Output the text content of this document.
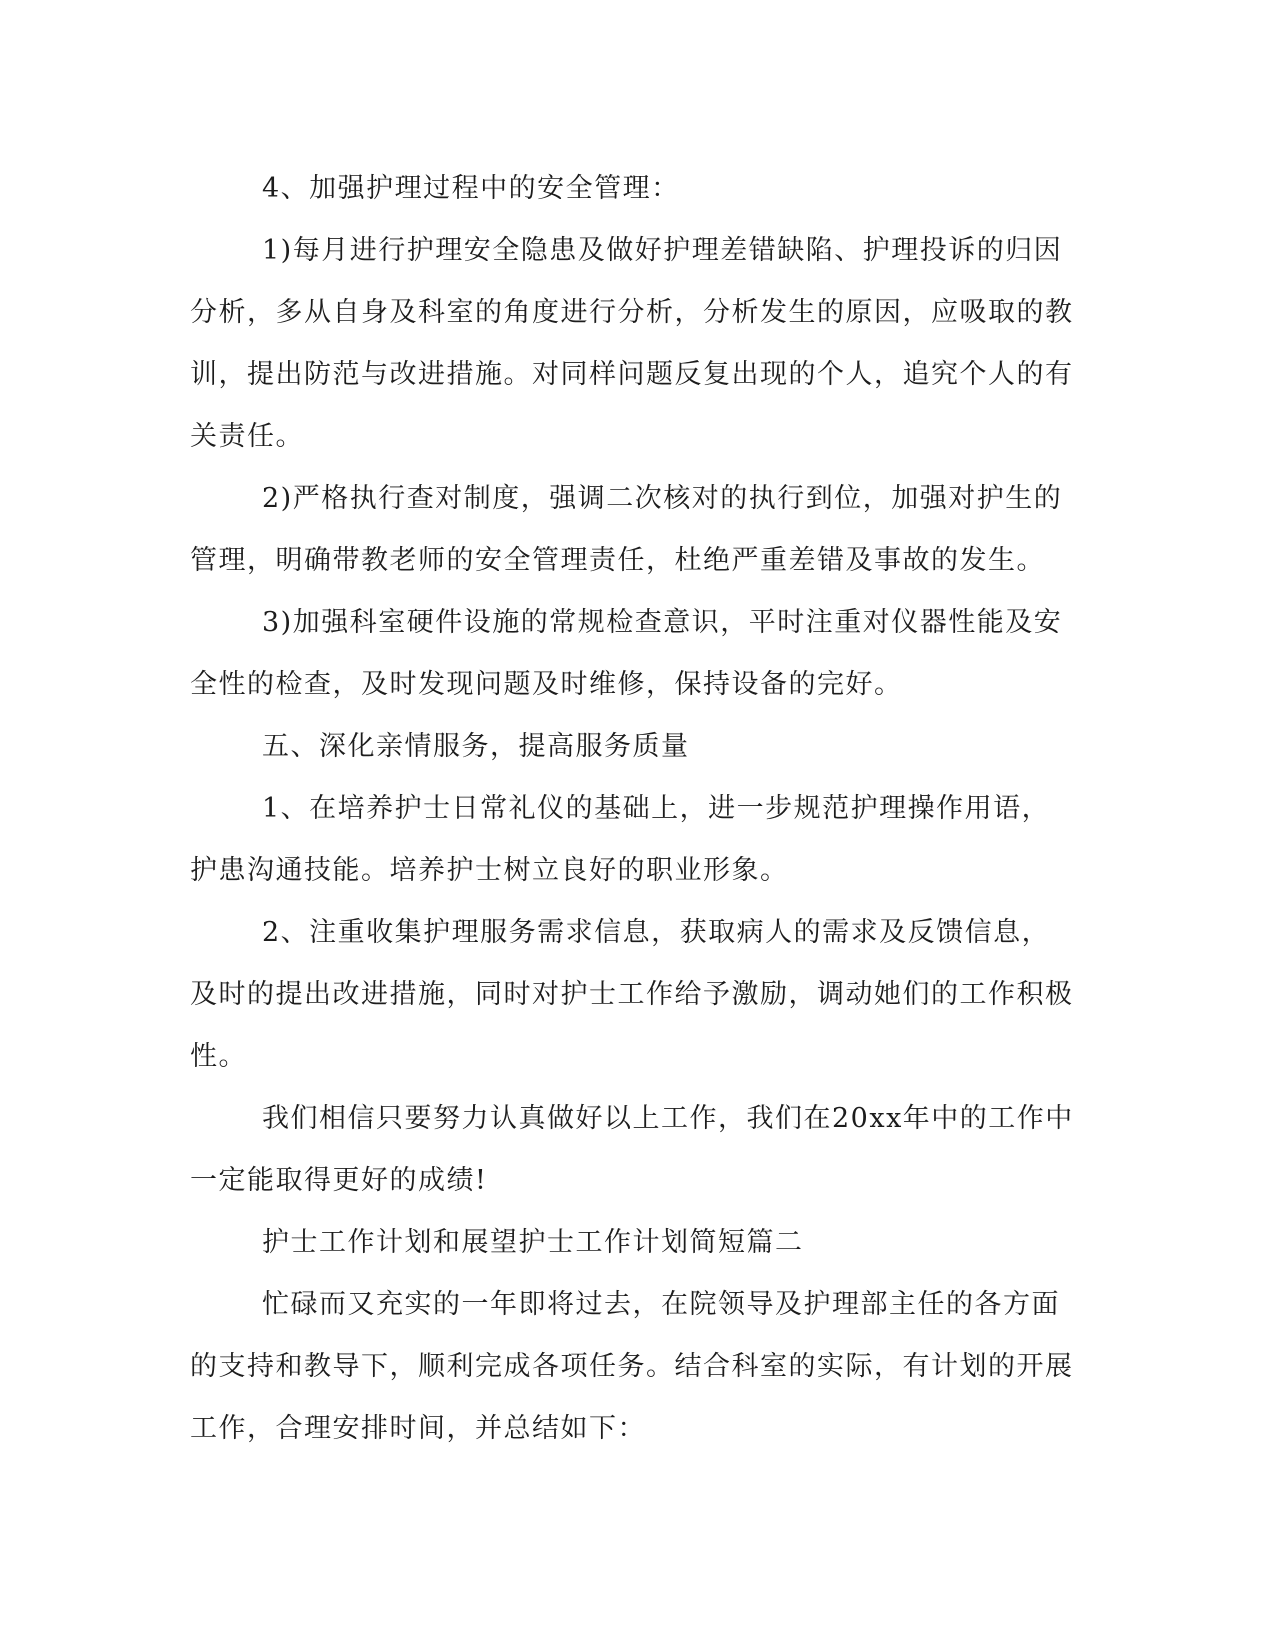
4、加强护理过程中的安全管理：

1)每月进行护理安全隐患及做好护理差错缺陷、护理投诉的归因分析，多从自身及科室的角度进行分析，分析发生的原因，应吸取的教训，提出防范与改进措施。对同样问题反复出现的个人，追究个人的有关责任。

2)严格执行查对制度，强调二次核对的执行到位，加强对护生的管理，明确带教老师的安全管理责任，杜绝严重差错及事故的发生。

3)加强科室硬件设施的常规检查意识，平时注重对仪器性能及安全性的检查，及时发现问题及时维修，保持设备的完好。

五、深化亲情服务，提高服务质量

1、在培养护士日常礼仪的基础上，进一步规范护理操作用语，护患沟通技能。培养护士树立良好的职业形象。

2、注重收集护理服务需求信息，获取病人的需求及反馈信息，及时的提出改进措施，同时对护士工作给予激励，调动她们的工作积极性。

我们相信只要努力认真做好以上工作，我们在20xx年中的工作中一定能取得更好的成绩!

护士工作计划和展望护士工作计划简短篇二

忙碌而又充实的一年即将过去，在院领导及护理部主任的各方面的支持和教导下，顺利完成各项任务。结合科室的实际，有计划的开展工作，合理安排时间，并总结如下：
